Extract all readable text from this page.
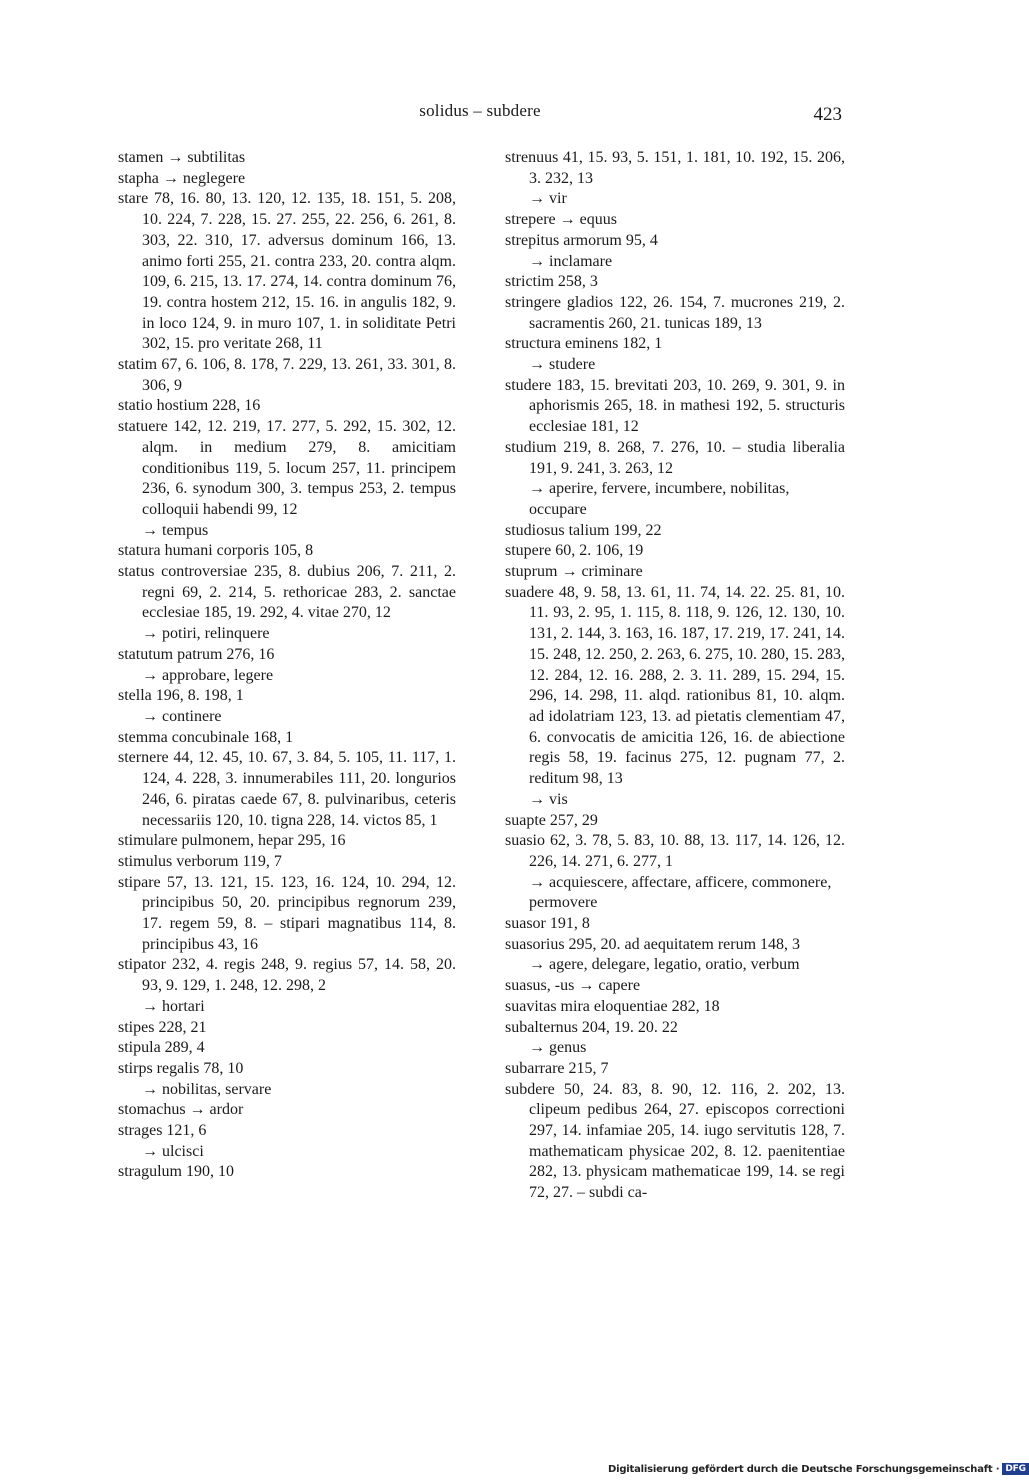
solidus – subdere	423

stamen → subtilitas

stapha → neglegere

stare 78, 16. 80, 13. 120, 12. 135, 18. 151, 5. 208, 10. 224, 7. 228, 15. 27. 255, 22. 256, 6. 261, 8. 303, 22. 310, 17. adversus dominum 166, 13. animo forti 255, 21. contra 233, 20. contra alqm. 109, 6. 215, 13. 17. 274, 14. contra dominum 76, 19. contra hostem 212, 15. 16. in angulis 182, 9. in loco 124, 9. in muro 107, 1. in soliditate Petri 302, 15. pro veritate 268, 11

statim 67, 6. 106, 8. 178, 7. 229, 13. 261, 33. 301, 8. 306, 9

statio hostium 228, 16

statuere 142, 12. 219, 17. 277, 5. 292, 15. 302, 12. alqm. in medium 279, 8. amicitiam conditionibus 119, 5. locum 257, 11. principem 236, 6. synodum 300, 3. tempus 253, 2. tempus colloquii habendi 99, 12
→ tempus

statura humani corporis 105, 8

status controversiae 235, 8. dubius 206, 7. 211, 2. regni 69, 2. 214, 5. rethoricae 283, 2. sanctae ecclesiae 185, 19. 292, 4. vitae 270, 12
→ potiri, relinquere

statutum patrum 276, 16
→ approbare, legere

stella 196, 8. 198, 1
→ continere

stemma concubinale 168, 1

sternere 44, 12. 45, 10. 67, 3. 84, 5. 105, 11. 117, 1. 124, 4. 228, 3. innumerabiles 111, 20. longurios 246, 6. piratas caede 67, 8. pulvinaribus, ceteris necessariis 120, 10. tigna 228, 14. victos 85, 1

stimulare pulmonem, hepar 295, 16

stimulus verborum 119, 7

stipare 57, 13. 121, 15. 123, 16. 124, 10. 294, 12. principibus 50, 20. principibus regnorum 239, 17. regem 59, 8. – stipari magnatibus 114, 8. principibus 43, 16

stipator 232, 4. regis 248, 9. regius 57, 14. 58, 20. 93, 9. 129, 1. 248, 12. 298, 2
→ hortari

stipes 228, 21

stipula 289, 4

stirps regalis 78, 10
→ nobilitas, servare

stomachus → ardor

strages 121, 6
→ ulcisci

stragulum 190, 10

strenuus 41, 15. 93, 5. 151, 1. 181, 10. 192, 15. 206, 3. 232, 13
→ vir

strepere → equus

strepitus armorum 95, 4
→ inclamare

strictim 258, 3

stringere gladios 122, 26. 154, 7. mucrones 219, 2. sacramentis 260, 21. tunicas 189, 13

structura eminens 182, 1
→ studere

studere 183, 15. brevitati 203, 10. 269, 9. 301, 9. in aphorismis 265, 18. in mathesi 192, 5. structuris ecclesiae 181, 12

studium 219, 8. 268, 7. 276, 10. – studia liberalia 191, 9. 241, 3. 263, 12
→ aperire, fervere, incumbere, nobilitas, occupare

studiosus talium 199, 22

stupere 60, 2. 106, 19

stuprum → criminare

suadere 48, 9. 58, 13. 61, 11. 74, 14. 22. 25. 81, 10. 11. 93, 2. 95, 1. 115, 8. 118, 9. 126, 12. 130, 10. 131, 2. 144, 3. 163, 16. 187, 17. 219, 17. 241, 14. 15. 248, 12. 250, 2. 263, 6. 275, 10. 280, 15. 283, 12. 284, 12. 16. 288, 2. 3. 11. 289, 15. 294, 15. 296, 14. 298, 11. alqd. rationibus 81, 10. alqm. ad idolatriam 123, 13. ad pietatis clementiam 47, 6. convocatis de amicitia 126, 16. de abiectione regis 58, 19. facinus 275, 12. pugnam 77, 2. reditum 98, 13
→ vis

suapte 257, 29

suasio 62, 3. 78, 5. 83, 10. 88, 13. 117, 14. 126, 12. 226, 14. 271, 6. 277, 1
→ acquiescere, affectare, afficere, commonere, permovere

suasor 191, 8

suasorius 295, 20. ad aequitatem rerum 148, 3
→ agere, delegare, legatio, oratio, verbum

suasus, -us → capere

suavitas mira eloquentiae 282, 18

subalternus 204, 19. 20. 22
→ genus

subarrare 215, 7

subdere 50, 24. 83, 8. 90, 12. 116, 2. 202, 13. clipeum pedibus 264, 27. episcopos correctioni 297, 14. infamiae 205, 14. iugo servitutis 128, 7. mathematicam physicae 202, 8. 12. paenitentiae 282, 13. physicam mathematicae 199, 14. se regi 72, 27. – subdi ca-

Digitalisierung gefördert durch die Deutsche Forschungsgemeinschaft · DFG
